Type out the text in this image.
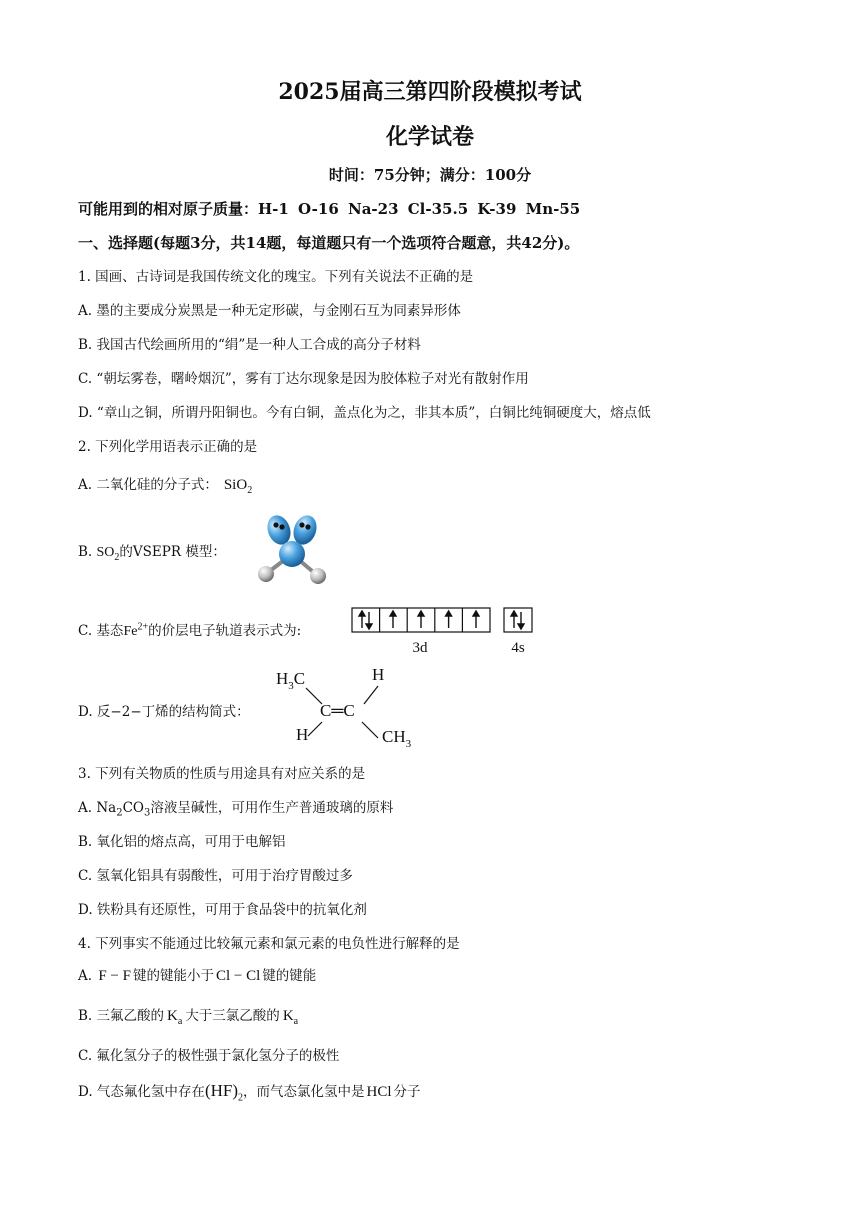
2025届高三第四阶段模拟考试
化学试卷
时间：75分钟；满分：100分
可能用到的相对原子质量：H-1 O-16 Na-23 Cl-35.5 K-39 Mn-55
一、选择题(每题3分，共14题，每道题只有一个选项符合题意，共42分)。
1. 国画、古诗词是我国传统文化的瑰宝。下列有关说法不正确的是
A. 墨的主要成分炭黑是一种无定形碳，与金刚石互为同素异形体
B. 我国古代绘画所用的“绢”是一种人工合成的高分子材料
C. “朝坛雾卷，曙岭烟沉”，雾有丁达尔现象是因为胶体粒子对光有散射作用
D. “章山之铜，所谓丹阳铜也。今有白铜，盖点化为之，非其本质”，白铜比纯铜硬度大，熔点低
2. 下列化学用语表示正确的是
A. 二氧化硅的分子式： SiO$_2$
B. $SO_2$的VSEPR 模型：
C. 基态$Fe^{2+}$的价层电子轨道表示式为:
3d	4s
D. 反−2−丁烯的结构简式：
$H_3C$	H
C═C
H	$CH_3$
3. 下列有关物质的性质与用途具有对应关系的是
A. $Na_2CO_3$溶液呈碱性，可用作生产普通玻璃的原料
B. 氧化铝的熔点高，可用于电解铝
C. 氢氧化铝具有弱酸性，可用于治疗胃酸过多
D. 铁粉具有还原性，可用于食品袋中的抗氧化剂
4. 下列事实不能通过比较氟元素和氯元素的电负性进行解释的是
A. F − F 键的键能小于 Cl − Cl 键的键能
B. 三氟乙酸的 $K_a$ 大于三氯乙酸的 $K_a$
C. 氟化氢分子的极性强于氯化氢分子的极性
D. 气态氟化氢中存在$(HF)_2$，而气态氯化氢中是 HCl 分子
